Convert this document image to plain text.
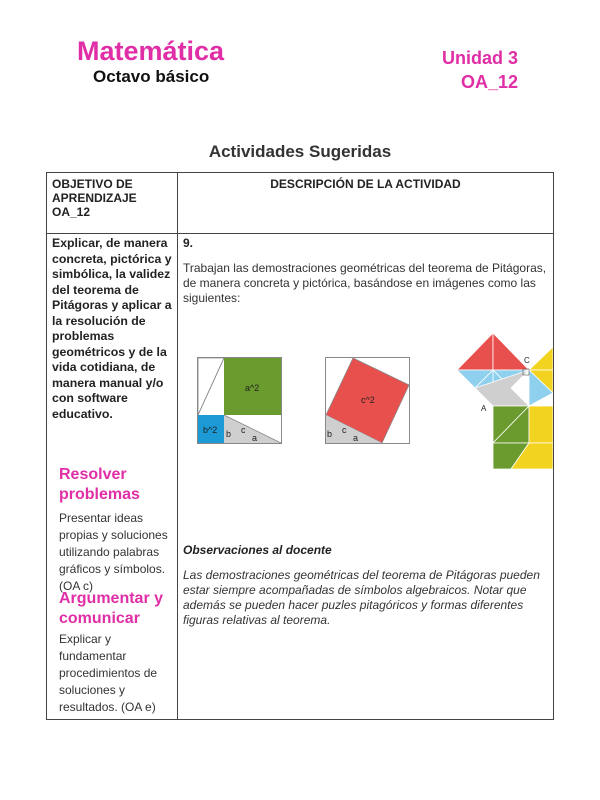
Matemática
Octavo básico
Unidad 3
OA_12
Actividades Sugeridas
OBJETIVO DE APRENDIZAJE OA_12
DESCRIPCIÓN DE LA ACTIVIDAD
Explicar, de manera concreta, pictórica y simbólica, la validez del teorema de Pitágoras y aplicar a la resolución de problemas geométricos y de la vida cotidiana, de manera manual y/o con software educativo.
Resolver problemas
Presentar ideas propias y soluciones utilizando palabras gráficos y símbolos. (OA c)
Argumentar y comunicar
Explicar y fundamentar procedimientos de soluciones y resultados. (OA e)
9.
Trabajan las demostraciones geométricas del teorema de Pitágoras, de manera concreta y pictórica, basándose en imágenes como las siguientes:
a^2
b^2 b c
a
c^2
b c
a
C
A
Observaciones al docente
Las demostraciones geométricas del teorema de Pitágoras pueden estar siempre acompañadas de símbolos algebraicos. Notar que además se pueden hacer puzles pitagóricos y formas diferentes figuras relativas al teorema.
